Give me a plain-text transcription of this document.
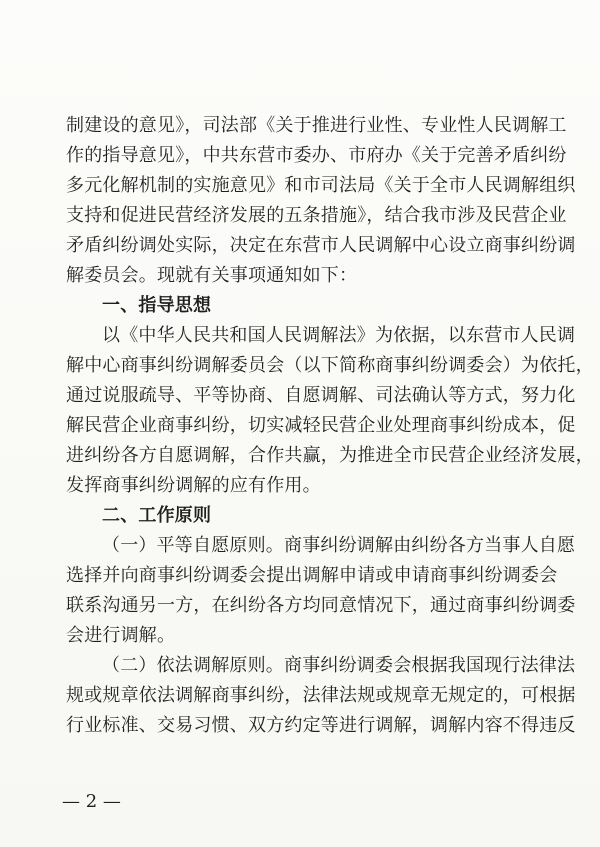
制建设的意见》，司法部《关于推进行业性、专业性人民调解工

作的指导意见》，中共东营市委办、市府办《关于完善矛盾纠纷

多元化解机制的实施意见》和市司法局《关于全市人民调解组织

支持和促进民营经济发展的五条措施》，结合我市涉及民营企业

矛盾纠纷调处实际，决定在东营市人民调解中心设立商事纠纷调

解委员会。现就有关事项通知如下：

一、指导思想

以《中华人民共和国人民调解法》为依据，以东营市人民调

解中心商事纠纷调解委员会（以下简称商事纠纷调委会）为依托，

通过说服疏导、平等协商、自愿调解、司法确认等方式，努力化

解民营企业商事纠纷，切实减轻民营企业处理商事纠纷成本，促

进纠纷各方自愿调解，合作共赢，为推进全市民营企业经济发展，

发挥商事纠纷调解的应有作用。

二、工作原则

（一）平等自愿原则。商事纠纷调解由纠纷各方当事人自愿

选择并向商事纠纷调委会提出调解申请或申请商事纠纷调委会

联系沟通另一方，在纠纷各方均同意情况下，通过商事纠纷调委

会进行调解。

（二）依法调解原则。商事纠纷调委会根据我国现行法律法

规或规章依法调解商事纠纷，法律法规或规章无规定的，可根据

行业标准、交易习惯、双方约定等进行调解，调解内容不得违反

— 2 —
